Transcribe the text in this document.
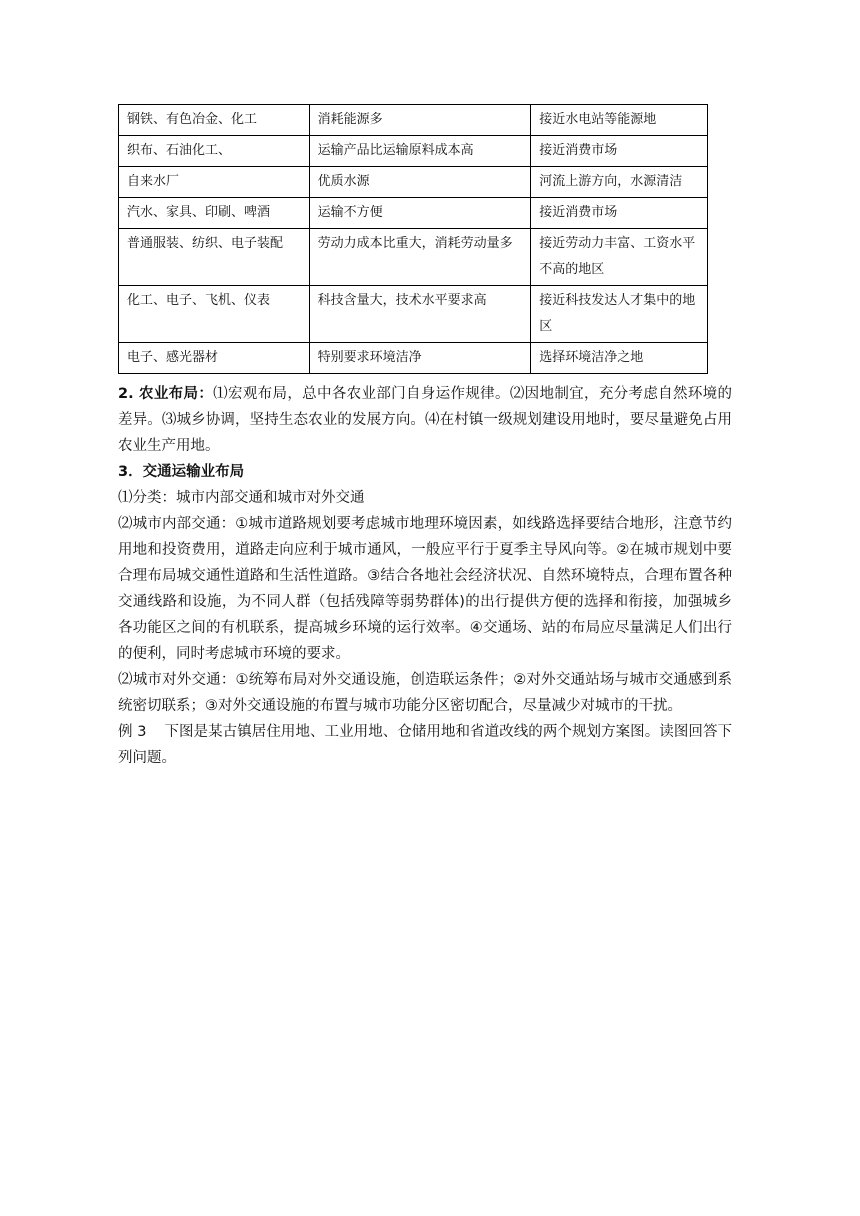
钢铁、有色冶金、化工	消耗能源多	接近水电站等能源地
织布、石油化工、	运输产品比运输原料成本高	接近消费市场
自来水厂	优质水源	河流上游方向，水源清洁
汽水、家具、印刷、啤酒	运输不方便	接近消费市场
普通服装、纺织、电子装配	劳动力成本比重大，消耗劳动量多	接近劳动力丰富、工资水平不高的地区
化工、电子、飞机、仪表	科技含量大，技术水平要求高	接近科技发达人才集中的地区
电子、感光器材	特别要求环境洁净	选择环境洁净之地

2. 农业布局：⑴宏观布局，总中各农业部门自身运作规律。⑵因地制宜，充分考虑自然环境的差异。⑶城乡协调，坚持生态农业的发展方向。⑷在村镇一级规划建设用地时，要尽量避免占用农业生产用地。

3．交通运输业布局

⑴分类：城市内部交通和城市对外交通

⑵城市内部交通：①城市道路规划要考虑城市地理环境因素，如线路选择要结合地形，注意节约用地和投资费用，道路走向应利于城市通风，一般应平行于夏季主导风向等。②在城市规划中要合理布局城交通性道路和生活性道路。③结合各地社会经济状况、自然环境特点，合理布置各种交通线路和设施，为不同人群（包括残障等弱势群体)的出行提供方便的选择和衔接，加强城乡各功能区之间的有机联系，提高城乡环境的运行效率。④交通场、站的布局应尽量满足人们出行的便利，同时考虑城市环境的要求。

⑵城市对外交通：①统筹布局对外交通设施，创造联运条件；②对外交通站场与城市交通感到系统密切联系；③对外交通设施的布置与城市功能分区密切配合，尽量减少对城市的干扰。

例 3 下图是某古镇居住用地、工业用地、仓储用地和省道改线的两个规划方案图。读图回答下列问题。
